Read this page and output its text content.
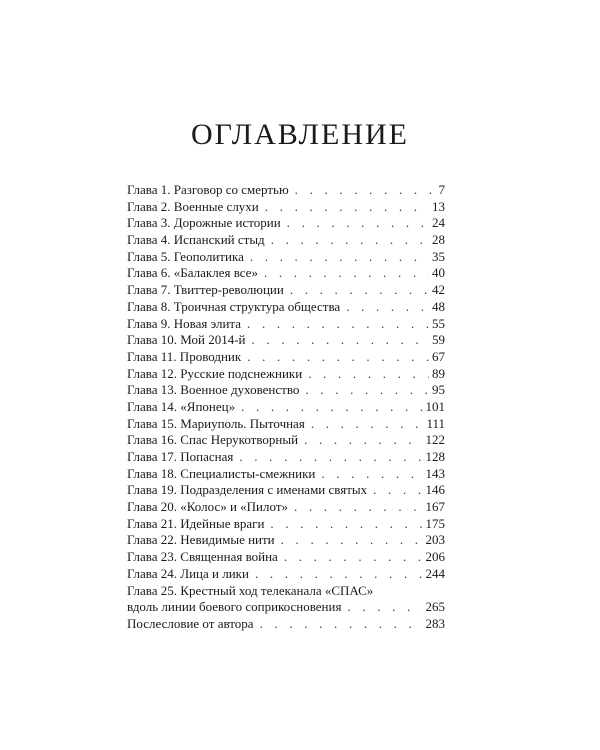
ОГЛАВЛЕНИЕ
Глава 1. Разговор со смертью . . .	7
Глава 2. Военные слухи . . .	13
Глава 3. Дорожные истории . . .	24
Глава 4. Испанский стыд . . .	28
Глава 5. Геополитика . . .	35
Глава 6. «Балаклея все» . . .	40
Глава 7. Твиттер-революции . . .	42
Глава 8. Троичная структура общества . . .	48
Глава 9. Новая элита . . .	55
Глава 10. Мой 2014-й . . .	59
Глава 11. Проводник . . .	67
Глава 12. Русские подснежники . . .	89
Глава 13. Военное духовенство . . .	95
Глава 14. «Японец» . . .	101
Глава 15. Мариуполь. Пыточная . . .	111
Глава 16. Спас Нерукотворный . . .	122
Глава 17. Попасная . . .	128
Глава 18. Специалисты-смежники . . .	143
Глава 19. Подразделения с именами святых . . .	146
Глава 20. «Колос» и «Пилот» . . .	167
Глава 21. Идейные враги . . .	175
Глава 22. Невидимые нити . . .	203
Глава 23. Священная война . . .	206
Глава 24. Лица и лики . . .	244
Глава 25. Крестный ход телеканала «СПАС»
вдоль линии боевого соприкосновения . . .	265
Послесловие от автора . . .	283
